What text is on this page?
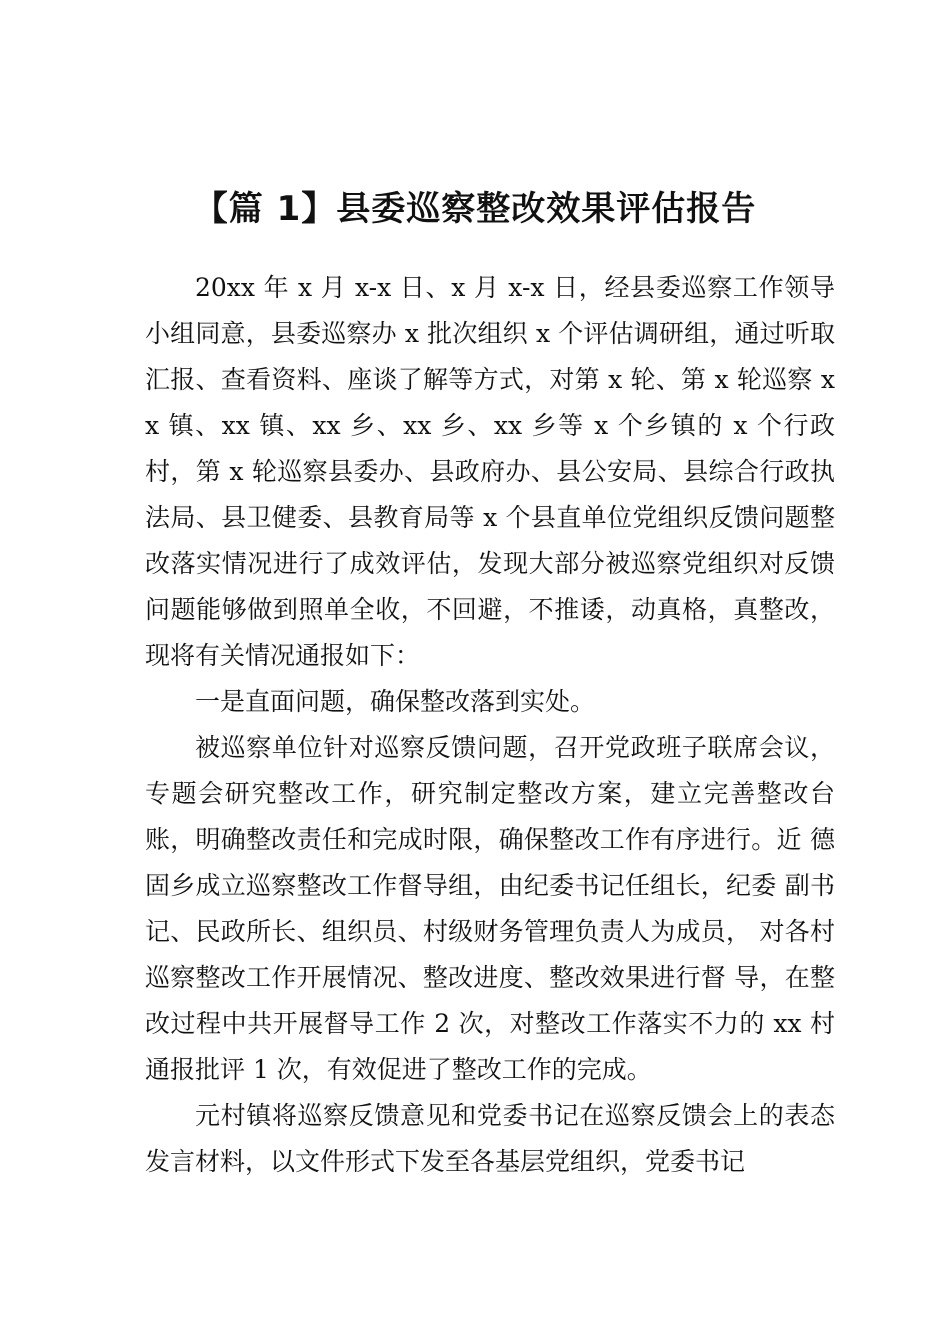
【篇 1】县委巡察整改效果评估报告

20xx 年 x 月 x-x 日、x 月 x-x 日，经县委巡察工作领导小组同意，县委巡察办 x 批次组织 x 个评估调研组，通过听取汇报、查看资料、座谈了解等方式，对第 x 轮、第 x 轮巡察 xx 镇、xx 镇、xx 乡、xx 乡、xx 乡等 x 个乡镇的 x 个行政村，第 x 轮巡察县委办、县政府办、县公安局、县综合行政执法局、县卫健委、县教育局等 x 个县直单位党组织反馈问题整改落实情况进行了成效评估，发现大部分被巡察党组织对反馈问题能够做到照单全收，不回避，不推诿，动真格，真整改，现将有关情况通报如下：

一是直面问题，确保整改落到实处。

被巡察单位针对巡察反馈问题，召开党政班子联席会议，专题会研究整改工作，研究制定整改方案，建立完善整改台账，明确整改责任和完成时限，确保整改工作有序进行。近 德固乡成立巡察整改工作督导组，由纪委书记任组长，纪委 副书记、民政所长、组织员、村级财务管理负责人为成员， 对各村巡察整改工作开展情况、整改进度、整改效果进行督 导，在整改过程中共开展督导工作 2 次，对整改工作落实不力的 xx 村通报批评 1 次，有效促进了整改工作的完成。

元村镇将巡察反馈意见和党委书记在巡察反馈会上的表态发言材料，以文件形式下发至各基层党组织，党委书记
